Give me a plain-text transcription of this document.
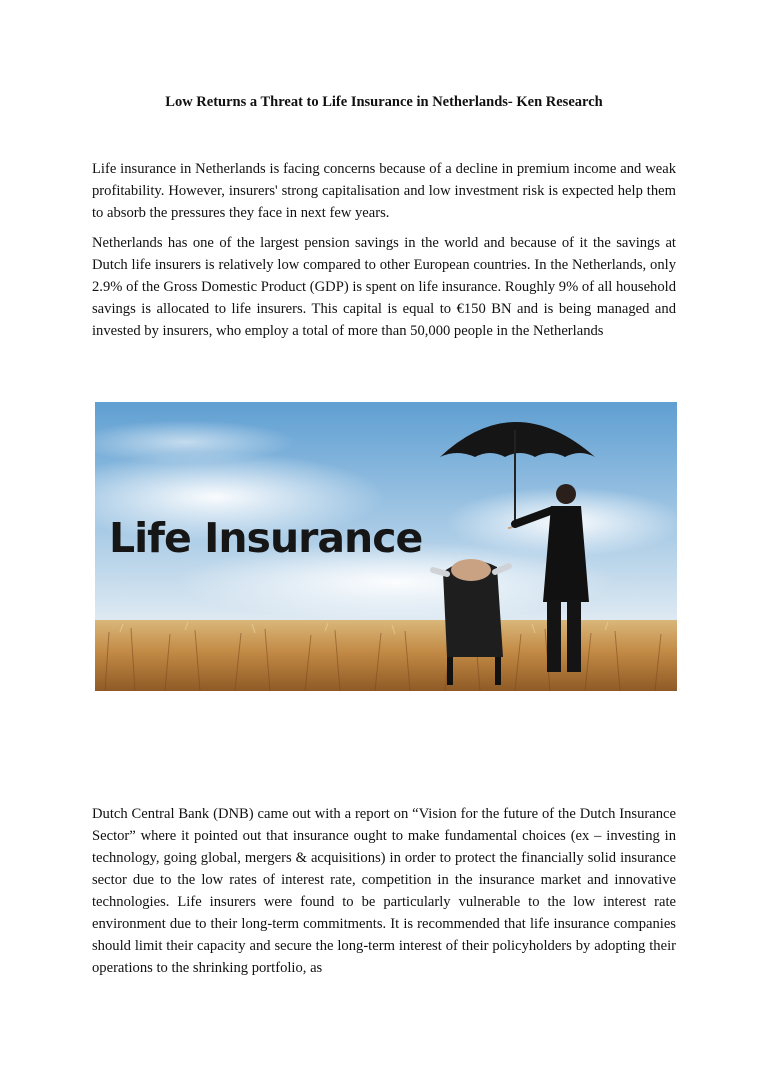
Low Returns a Threat to Life Insurance in Netherlands- Ken Research

Life insurance in Netherlands is facing concerns because of a decline in premium income and weak profitability. However, insurers' strong capitalisation and low investment risk is expected help them to absorb the pressures they face in next few years.

Netherlands has one of the largest pension savings in the world and because of it the savings at Dutch life insurers is relatively low compared to other European countries. In the Netherlands, only 2.9% of the Gross Domestic Product (GDP) is spent on life insurance. Roughly 9% of all household savings is allocated to life insurers. This capital is equal to €150 BN and is being managed and invested by insurers, who employ a total of more than 50,000 people in the Netherlands

Life Insurance

Dutch Central Bank (DNB) came out with a report on “Vision for the future of the Dutch Insurance Sector” where it pointed out that insurance ought to make fundamental choices (ex – investing in technology, going global, mergers & acquisitions) in order to protect the financially solid insurance sector due to the low rates of interest rate, competition in the insurance market and innovative technologies. Life insurers were found to be particularly vulnerable to the low interest rate environment due to their long-term commitments. It is recommended that life insurance companies should limit their capacity and secure the long-term interest of their policyholders by adopting their operations to the shrinking portfolio, as
